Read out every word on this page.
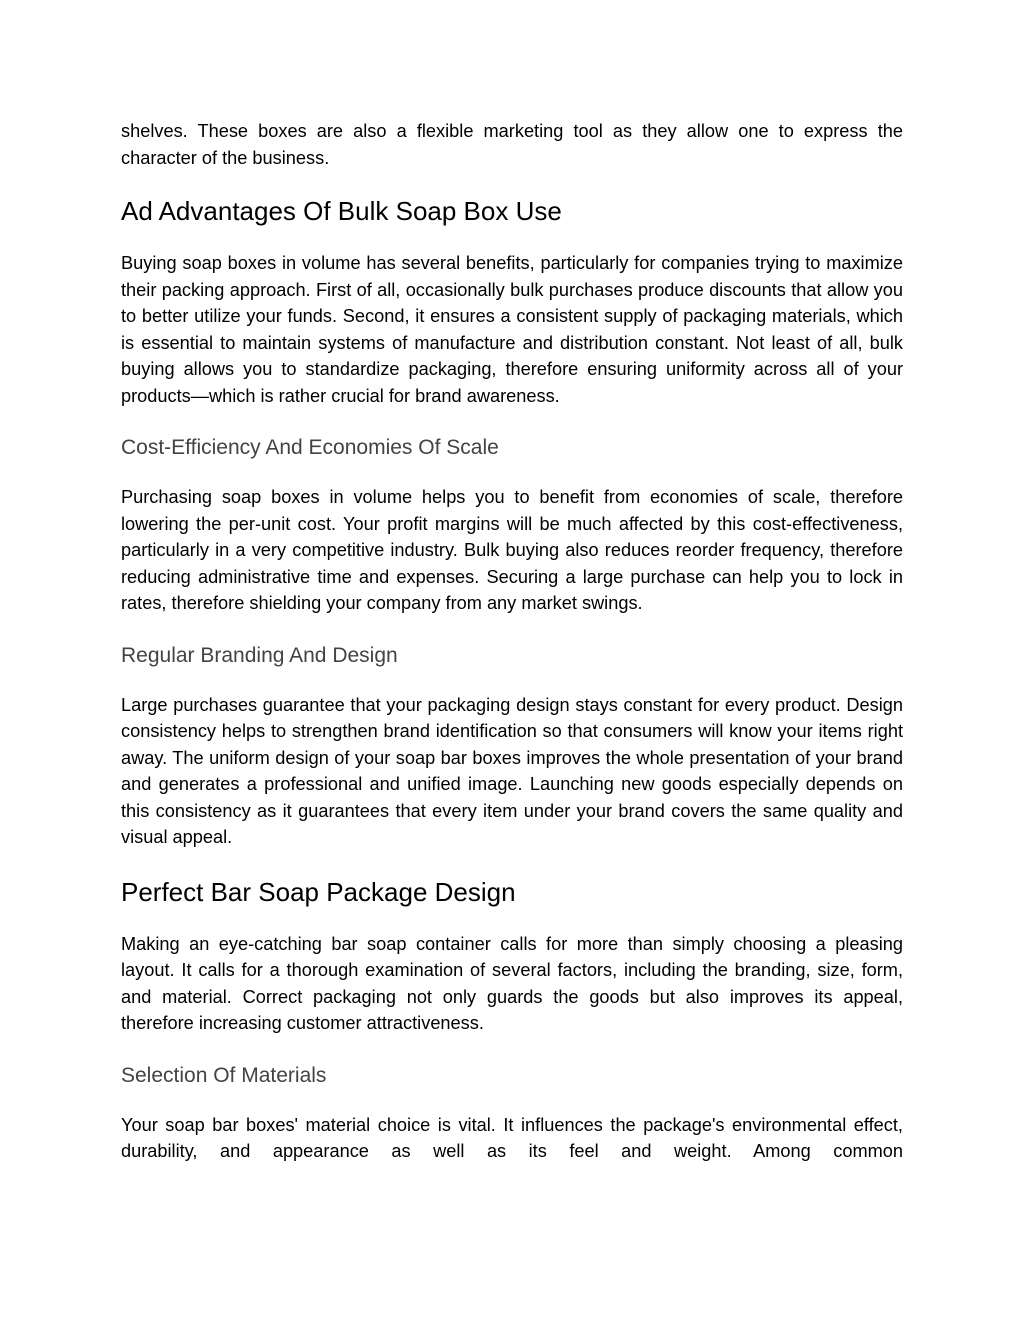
shelves. These boxes are also a flexible marketing tool as they allow one to express the character of the business.

Ad Advantages Of Bulk Soap Box Use

Buying soap boxes in volume has several benefits, particularly for companies trying to maximize their packing approach. First of all, occasionally bulk purchases produce discounts that allow you to better utilize your funds. Second, it ensures a consistent supply of packaging materials, which is essential to maintain systems of manufacture and distribution constant. Not least of all, bulk buying allows you to standardize packaging, therefore ensuring uniformity across all of your products—which is rather crucial for brand awareness.

Cost-Efficiency And Economies Of Scale

Purchasing soap boxes in volume helps you to benefit from economies of scale, therefore lowering the per-unit cost. Your profit margins will be much affected by this cost-effectiveness, particularly in a very competitive industry. Bulk buying also reduces reorder frequency, therefore reducing administrative time and expenses. Securing a large purchase can help you to lock in rates, therefore shielding your company from any market swings.

Regular Branding And Design

Large purchases guarantee that your packaging design stays constant for every product. Design consistency helps to strengthen brand identification so that consumers will know your items right away. The uniform design of your soap bar boxes improves the whole presentation of your brand and generates a professional and unified image. Launching new goods especially depends on this consistency as it guarantees that every item under your brand covers the same quality and visual appeal.

Perfect Bar Soap Package Design

Making an eye-catching bar soap container calls for more than simply choosing a pleasing layout. It calls for a thorough examination of several factors, including the branding, size, form, and material. Correct packaging not only guards the goods but also improves its appeal, therefore increasing customer attractiveness.

Selection Of Materials

Your soap bar boxes' material choice is vital. It influences the package's environmental effect, durability, and appearance as well as its feel and weight. Among common
